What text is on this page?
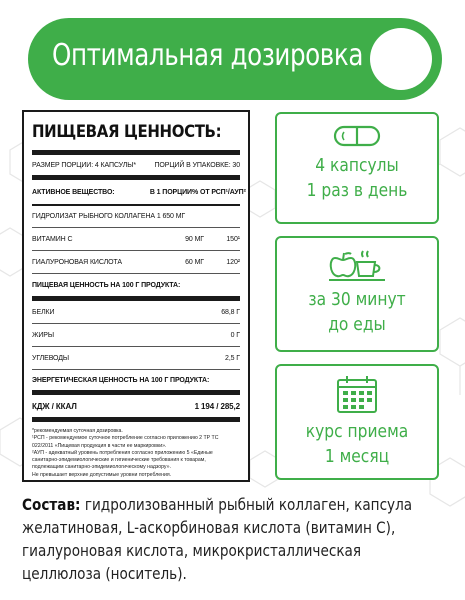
Оптимальная дозировка
ПИЩЕВАЯ ЦЕННОСТЬ:
РАЗМЕР ПОРЦИИ: 4 КАПСУЛЫ*	ПОРЦИЙ В УПАКОВКЕ: 30
АКТИВНОЕ ВЕЩЕСТВО:	В 1 ПОРЦИИ % ОТ РСП¹/АУП²
ГИДРОЛИЗАТ РЫБНОГО КОЛЛАГЕНА 1 650 МГ
ВИТАМИН С	90 МГ	150¹
ГИАЛУРОНОВАЯ КИСЛОТА	60 МГ	120²
ПИЩЕВАЯ ЦЕННОСТЬ НА 100 Г ПРОДУКТА:
БЕЛКИ	68,8 Г
ЖИРЫ	0 Г
УГЛЕВОДЫ	2,5 Г
ЭНЕРГЕТИЧЕСКАЯ ЦЕННОСТЬ НА 100 Г ПРОДУКТА:
КДЖ / ККАЛ	1 194 / 285,2
*рекомендуемая суточная дозировка.
¹РСП - рекомендуемое суточное потребление согласно приложению 2 ТР ТС
022/2011 «Пищевая продукция в части ее маркировки».
²АУП - адекватный уровень потребления согласно приложению 5 «Единые
санитарно-эпидемиологические и гигиенические требования к товарам,
подлежащим санитарно-эпидемиологическому надзору».
Не превышает верхние допустимые уровни потребления.
4 капсулы
1 раз в день
за 30 минут
до еды
курс приема
1 месяц
Состав: гидролизованный рыбный коллаген, капсула
желатиновая, L-аскорбиновая кислота (витамин С),
гиалуроновая кислота, микрокристаллическая
целлюлоза (носитель).
